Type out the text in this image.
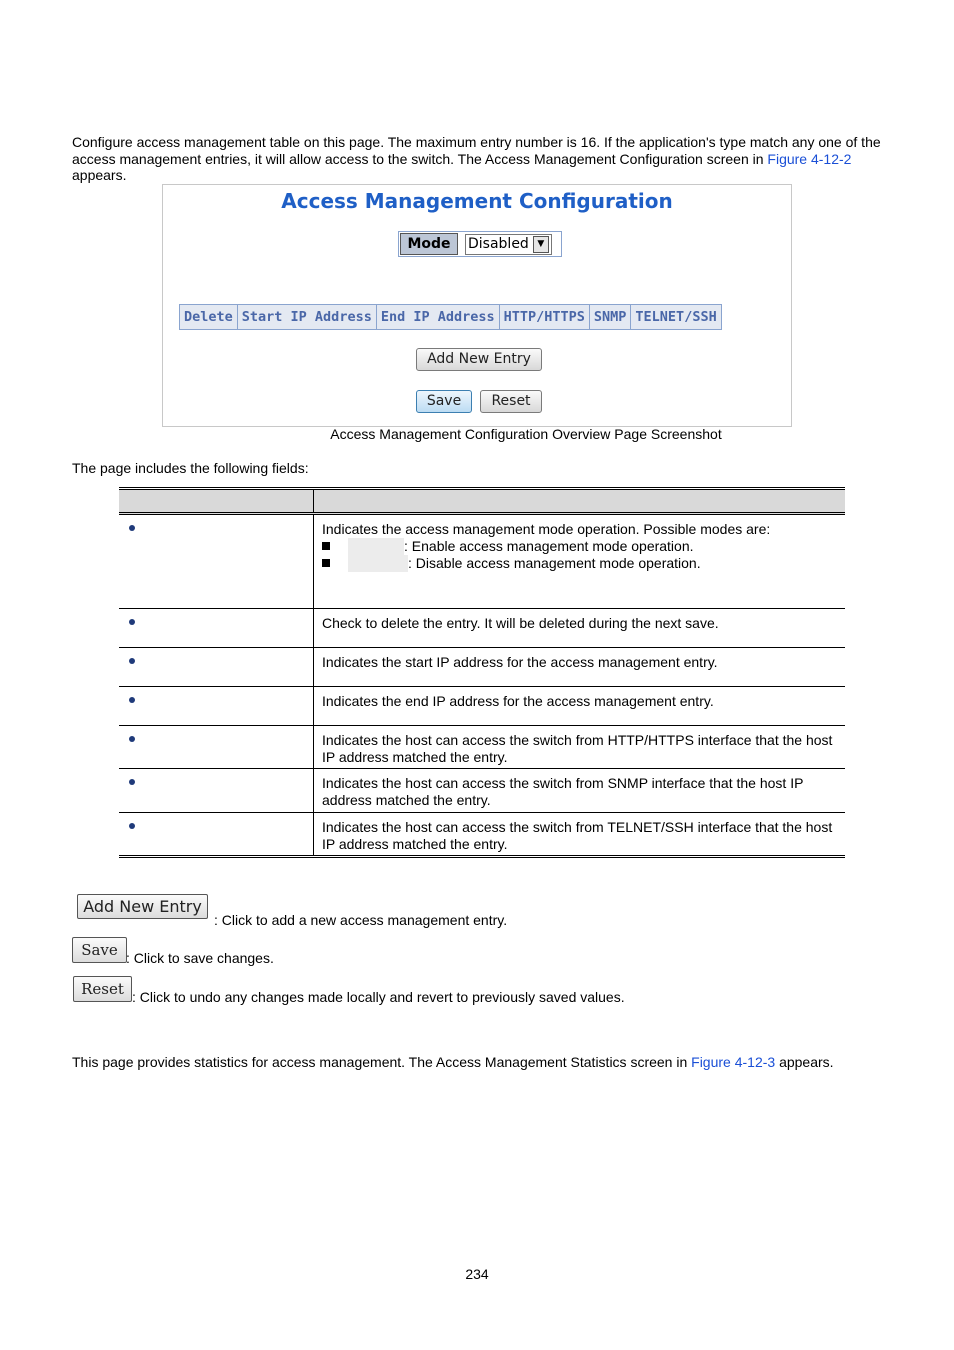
Configure access management table on this page. The maximum entry number is 16. If the application's type match any one of the access management entries, it will allow access to the switch. The Access Management Configuration screen in Figure 4-12-2 appears.
Access Management Configuration
Mode	Disabled ▼
Delete	Start IP Address	End IP Address	HTTP/HTTPS	SNMP	TELNET/SSH
Add New Entry
Save	Reset
Access Management Configuration Overview Page Screenshot
The page includes the following fields:

	Indicates the access management mode operation. Possible modes are:
: Enable access management mode operation.
: Disable access management mode operation.

	Check to delete the entry. It will be deleted during the next save.
	Indicates the start IP address for the access management entry.
	Indicates the end IP address for the access management entry.
	Indicates the host can access the switch from HTTP/HTTPS interface that the host IP address matched the entry.
	Indicates the host can access the switch from SNMP interface that the host IP address matched the entry.
	Indicates the host can access the switch from TELNET/SSH interface that the host IP address matched the entry.
Add New Entry
: Click to add a new access management entry.
Save : Click to save changes.
Reset : Click to undo any changes made locally and revert to previously saved values.
This page provides statistics for access management. The Access Management Statistics screen in Figure 4-12-3 appears.
234
